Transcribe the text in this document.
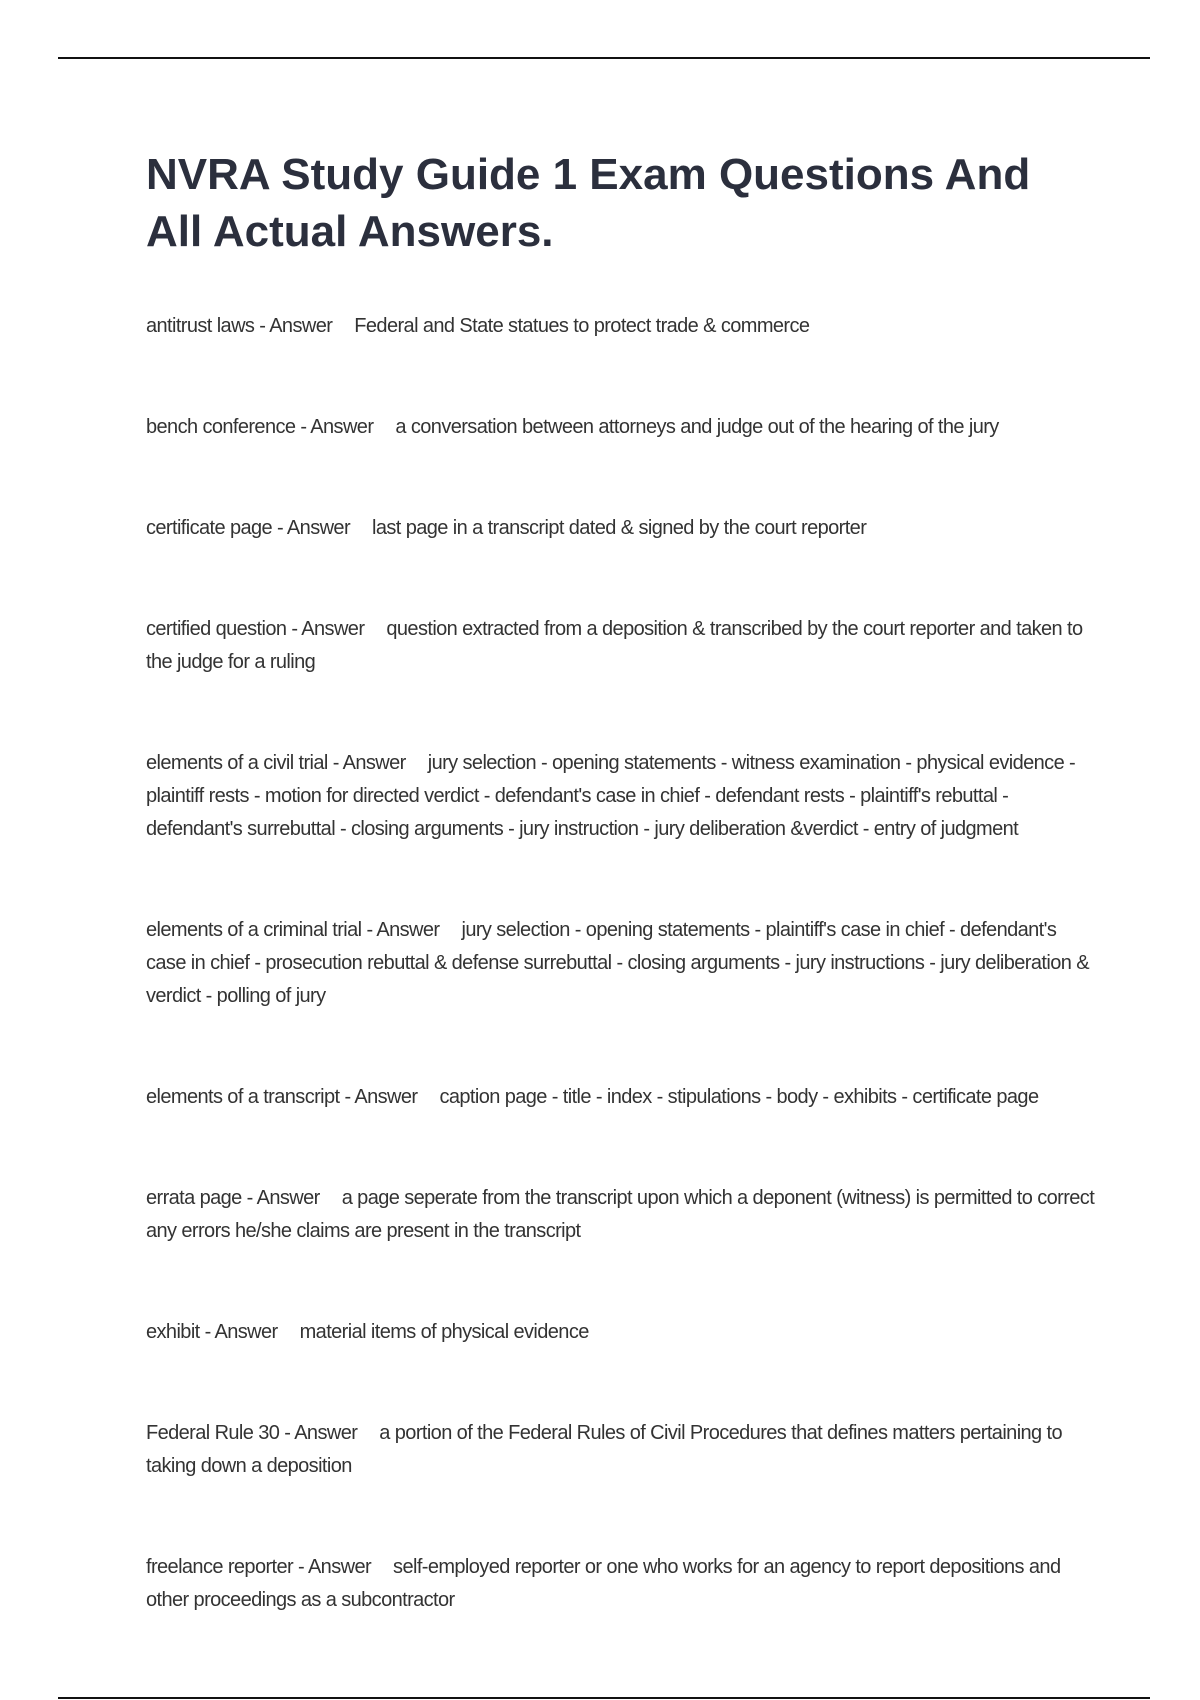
NVRA Study Guide 1 Exam Questions And All Actual Answers.

antitrust laws - Answer Federal and State statues to protect trade & commerce

bench conference - Answer a conversation between attorneys and judge out of the hearing of the jury

certificate page - Answer last page in a transcript dated & signed by the court reporter

certified question - Answer question extracted from a deposition & transcribed by the court reporter and taken to the judge for a ruling

elements of a civil trial - Answer jury selection - opening statements - witness examination - physical evidence - plaintiff rests - motion for directed verdict - defendant's case in chief - defendant rests - plaintiff's rebuttal - defendant's surrebuttal - closing arguments - jury instruction - jury deliberation &verdict - entry of judgment

elements of a criminal trial - Answer jury selection - opening statements - plaintiff's case in chief - defendant's case in chief - prosecution rebuttal & defense surrebuttal - closing arguments - jury instructions - jury deliberation & verdict - polling of jury

elements of a transcript - Answer caption page - title - index - stipulations - body - exhibits - certificate page

errata page - Answer a page seperate from the transcript upon which a deponent (witness) is permitted to correct any errors he/she claims are present in the transcript

exhibit - Answer material items of physical evidence

Federal Rule 30 - Answer a portion of the Federal Rules of Civil Procedures that defines matters pertaining to taking down a deposition

freelance reporter - Answer self-employed reporter or one who works for an agency to report depositions and other proceedings as a subcontractor
